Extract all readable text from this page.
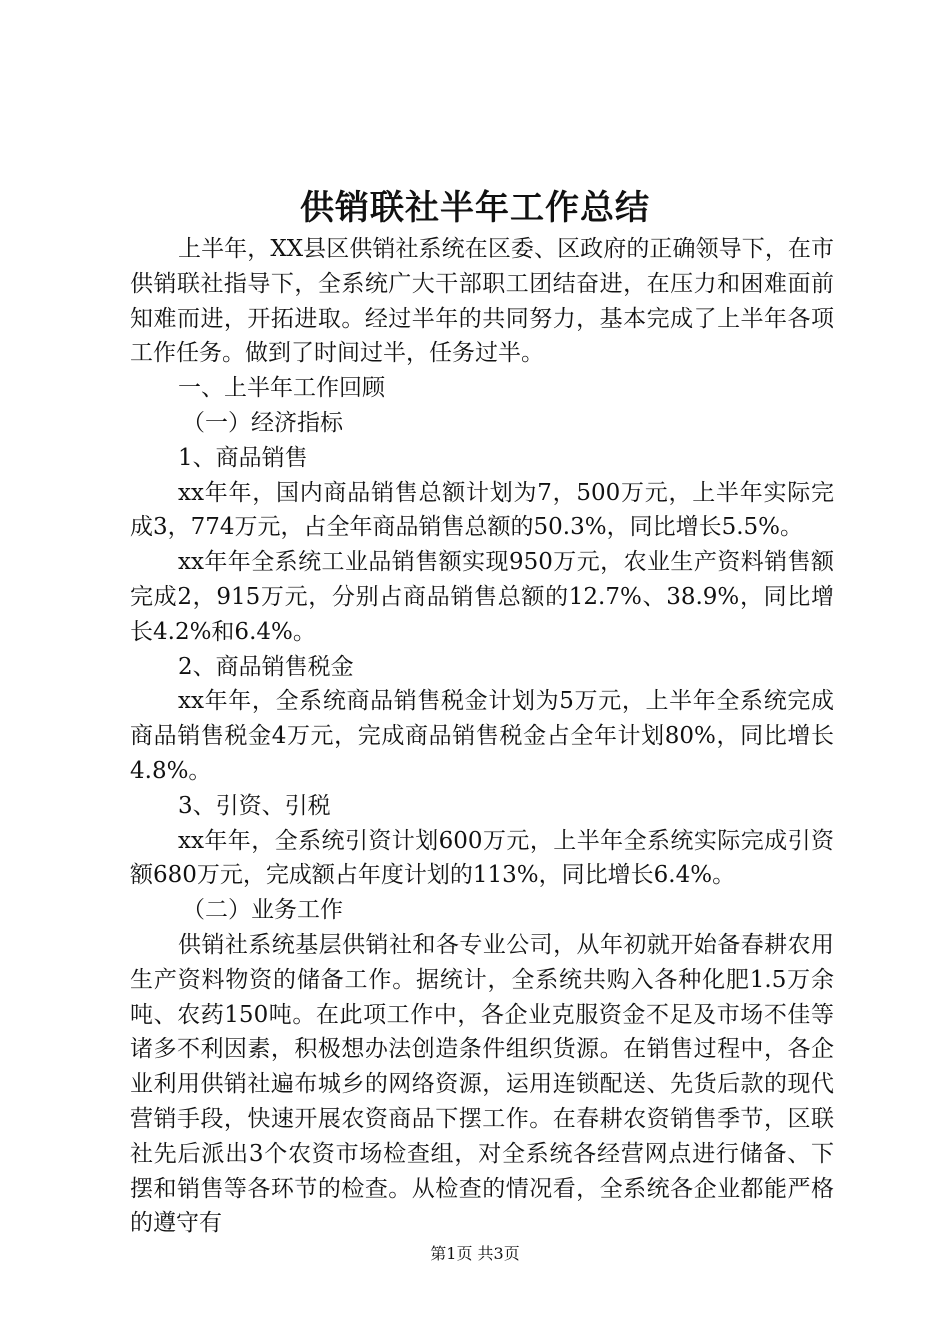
供销联社半年工作总结

上半年，XX县区供销社系统在区委、区政府的正确领导下，在市供销联社指导下，全系统广大干部职工团结奋进，在压力和困难面前知难而进，开拓进取。经过半年的共同努力，基本完成了上半年各项工作任务。做到了时间过半，任务过半。

一、上半年工作回顾

（一）经济指标

1、商品销售

xx年年，国内商品销售总额计划为7，500万元，上半年实际完成3，774万元，占全年商品销售总额的50.3%，同比增长5.5%。

xx年年全系统工业品销售额实现950万元，农业生产资料销售额完成2，915万元，分别占商品销售总额的12.7%、38.9%，同比增长4.2%和6.4%。

2、商品销售税金

xx年年，全系统商品销售税金计划为5万元，上半年全系统完成商品销售税金4万元，完成商品销售税金占全年计划80%，同比增长4.8%。

3、引资、引税

xx年年，全系统引资计划600万元，上半年全系统实际完成引资额680万元，完成额占年度计划的113%，同比增长6.4%。

（二）业务工作

供销社系统基层供销社和各专业公司，从年初就开始备春耕农用生产资料物资的储备工作。据统计，全系统共购入各种化肥1.5万余吨、农药150吨。在此项工作中，各企业克服资金不足及市场不佳等诸多不利因素，积极想办法创造条件组织货源。在销售过程中，各企业利用供销社遍布城乡的网络资源，运用连锁配送、先货后款的现代营销手段，快速开展农资商品下摆工作。在春耕农资销售季节，区联社先后派出3个农资市场检查组，对全系统各经营网点进行储备、下摆和销售等各环节的检查。从检查的情况看，全系统各企业都能严格的遵守有

第1页 共3页
